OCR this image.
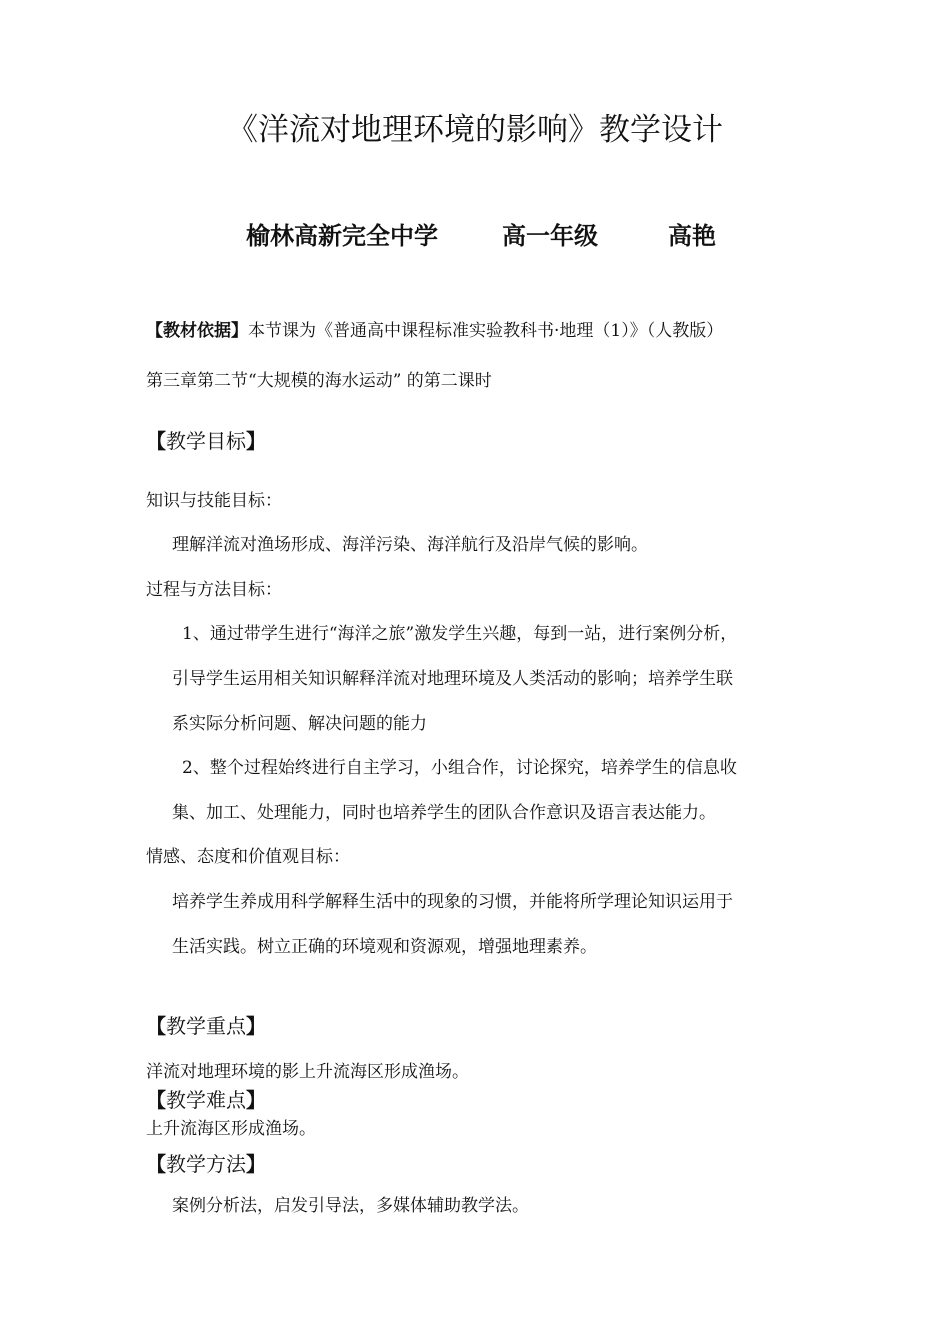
《洋流对地理环境的影响》教学设计
榆林高新完全中学	高一年级	高艳
【教材依据】本节课为《普通高中课程标准实验教科书·地理（1）》（人教版）
第三章第二节“大规模的海水运动” 的第二课时
【教学目标】
知识与技能目标：
理解洋流对渔场形成、海洋污染、海洋航行及沿岸气候的影响。
过程与方法目标：
1、通过带学生进行“海洋之旅”激发学生兴趣，每到一站，进行案例分析，
引导学生运用相关知识解释洋流对地理环境及人类活动的影响；培养学生联
系实际分析问题、解决问题的能力
2、整个过程始终进行自主学习，小组合作，讨论探究，培养学生的信息收
集、加工、处理能力，同时也培养学生的团队合作意识及语言表达能力。
情感、态度和价值观目标：
培养学生养成用科学解释生活中的现象的习惯，并能将所学理论知识运用于
生活实践。树立正确的环境观和资源观，增强地理素养。
【教学重点】
洋流对地理环境的影上升流海区形成渔场。
【教学难点】
上升流海区形成渔场。
【教学方法】
案例分析法，启发引导法，多媒体辅助教学法。
